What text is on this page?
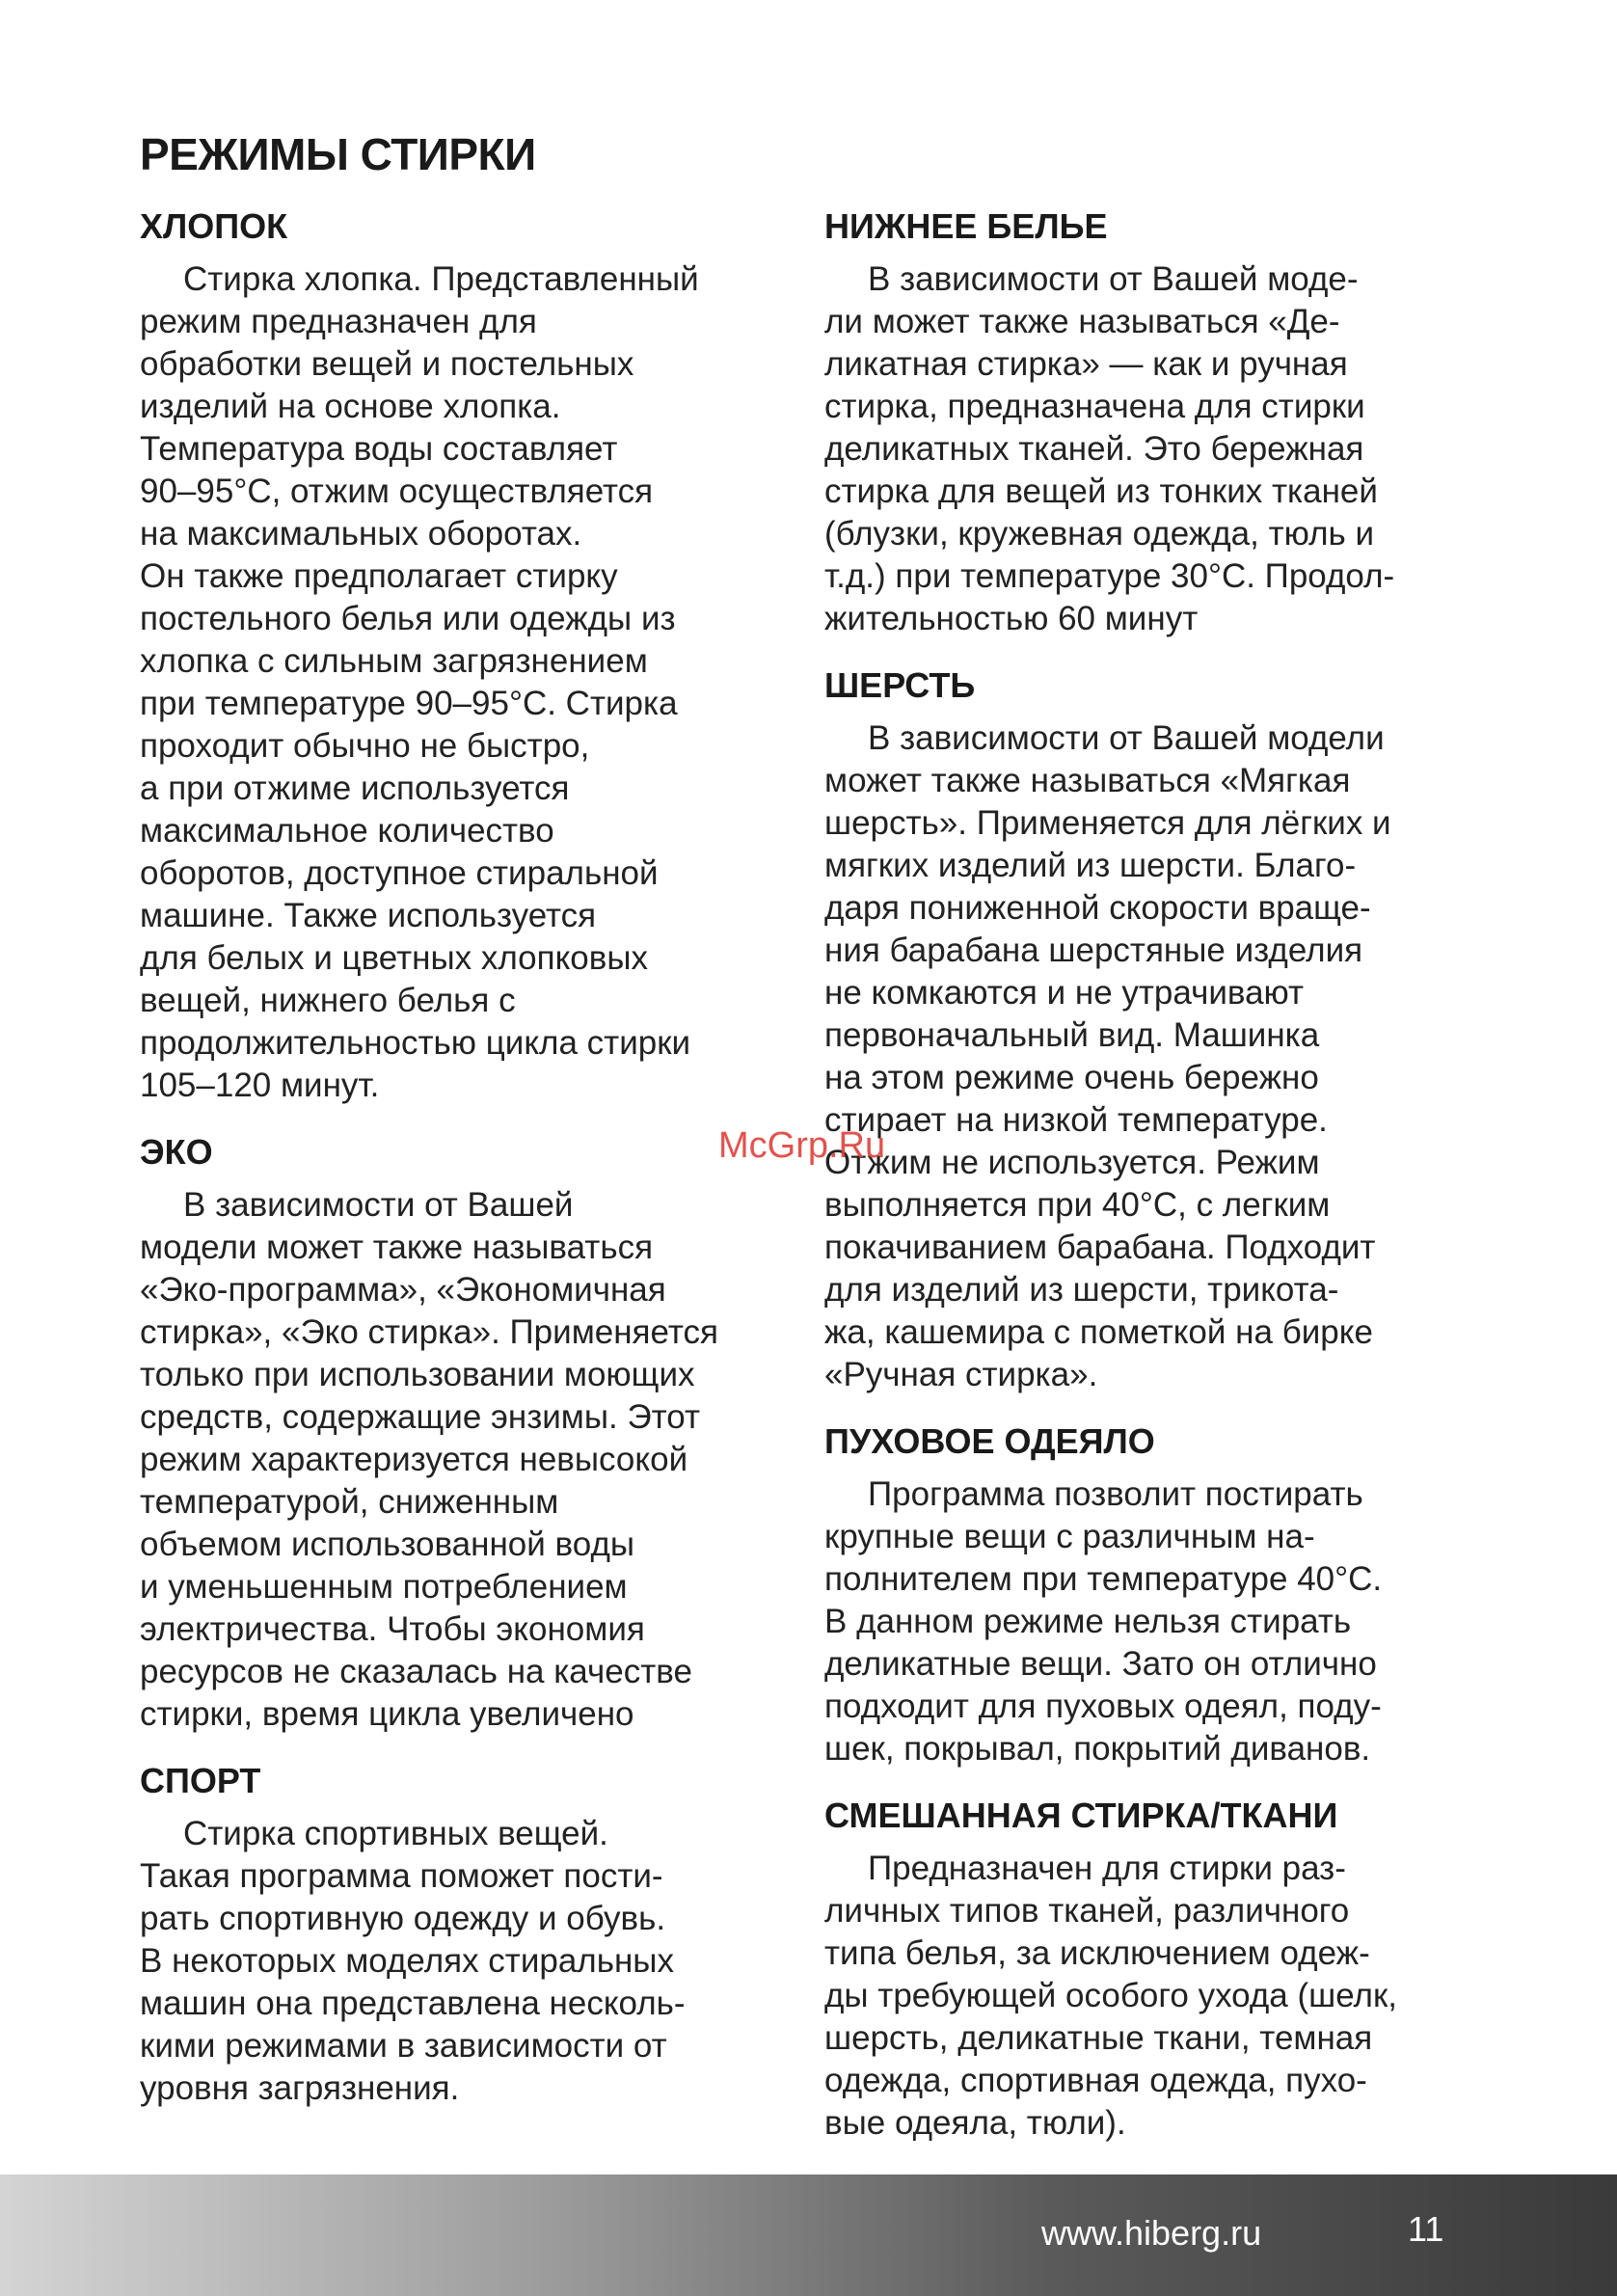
РЕЖИМЫ СТИРКИ
ХЛОПОК
Стирка хлопка. Представленный
режим предназначен для
обработки вещей и постельных
изделий на основе хлопка.
Температура воды составляет
90–95°С, отжим осуществляется
на максимальных оборотах.
Он также предполагает стирку
постельного белья или одежды из
хлопка с сильным загрязнением
при температуре 90–95°С. Стирка
проходит обычно не быстро,
а при отжиме используется
максимальное количество
оборотов, доступное стиральной
машине. Также используется
для белых и цветных хлопковых
вещей, нижнего белья с
продолжительностью цикла стирки
105–120 минут.
ЭКО
В зависимости от Вашей
модели может также называться
«Эко-программа», «Экономичная
стирка», «Эко стирка». Применяется
только при использовании моющих
средств, содержащие энзимы. Этот
режим характеризуется невысокой
температурой, сниженным
объемом использованной воды
и уменьшенным потреблением
электричества. Чтобы экономия
ресурсов не сказалась на качестве
стирки, время цикла увеличено
СПОРТ
Стирка спортивных вещей.
Такая программа поможет пости-
рать спортивную одежду и обувь.
В некоторых моделях стиральных
машин она представлена несколь-
кими режимами в зависимости от
уровня загрязнения.
НИЖНЕЕ БЕЛЬЕ
В зависимости от Вашей моде-
ли может также называться «Де-
ликатная стирка» — как и ручная
стирка, предназначена для стирки
деликатных тканей. Это бережная
стирка для вещей из тонких тканей
(блузки, кружевная одежда, тюль и
т.д.) при температуре 30°С. Продол-
жительностью 60 минут
ШЕРСТЬ
В зависимости от Вашей модели
может также называться «Мягкая
шерсть». Применяется для лёгких и
мягких изделий из шерсти. Благо-
даря пониженной скорости враще-
ния барабана шерстяные изделия
не комкаются и не утрачивают
первоначальный вид. Машинка
на этом режиме очень бережно
стирает на низкой температуре.
Отжим не используется. Режим
выполняется при 40°С, с легким
покачиванием барабана. Подходит
для изделий из шерсти, трикота-
жа, кашемира с пометкой на бирке
«Ручная стирка».
ПУХОВОЕ ОДЕЯЛО
Программа позволит постирать
крупные вещи с различным на-
полнителем при температуре 40°С.
В данном режиме нельзя стирать
деликатные вещи. Зато он отлично
подходит для пуховых одеял, поду-
шек, покрывал, покрытий диванов.
СМЕШАННАЯ СТИРКА/ТКАНИ
Предназначен для стирки раз-
личных типов тканей, различного
типа белья, за исключением одеж-
ды требующей особого ухода (шелк,
шерсть, деликатные ткани, темная
одежда, спортивная одежда, пухо-
вые одеяла, тюли).
McGrp.Ru
www.hiberg.ru	11
